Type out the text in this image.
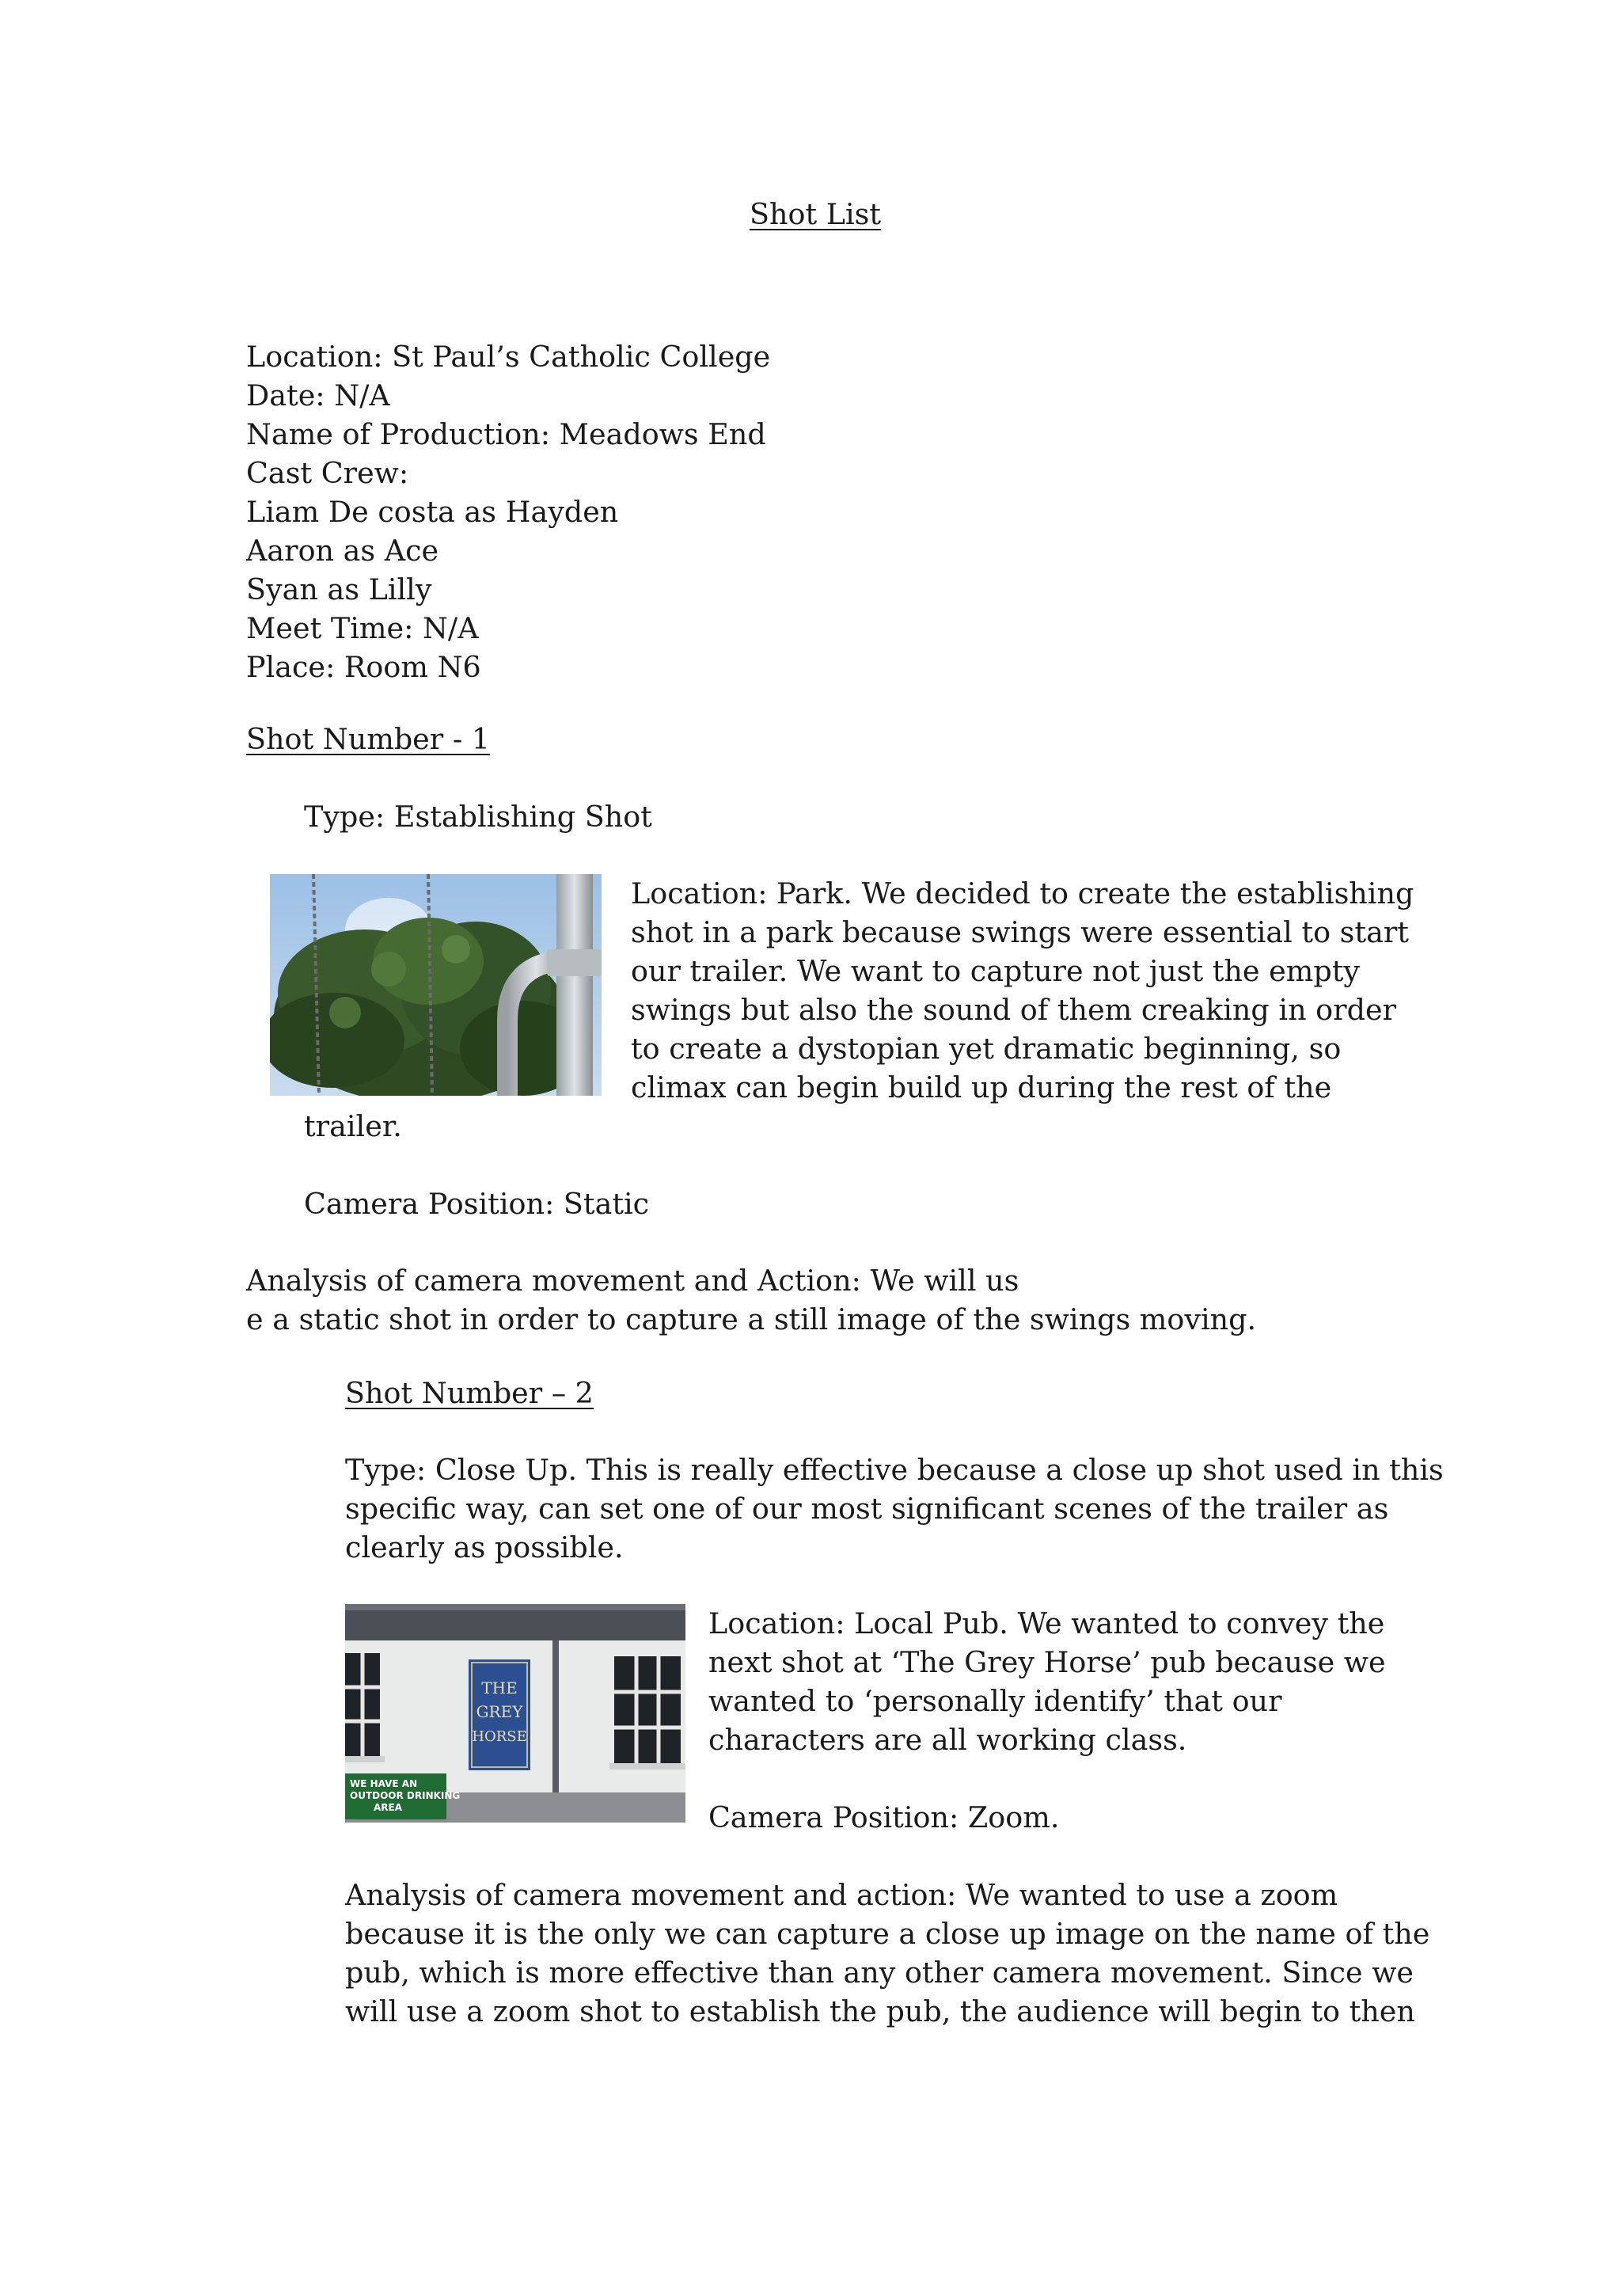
Shot List
Location: St Paul’s Catholic College
Date: N/A
Name of Production: Meadows End
Cast Crew:
Liam De costa as Hayden
Aaron as Ace
Syan as Lilly
Meet Time: N/A
Place: Room N6
Shot Number - 1
Type: Establishing Shot
Location: Park. We decided to create the establishing
shot in a park because swings were essential to start
our trailer. We want to capture not just the empty
swings but also the sound of them creaking in order
to create a dystopian yet dramatic beginning, so
climax can begin build up during the rest of the
trailer.
Camera Position: Static
Analysis of camera movement and Action: We will us
e a static shot in order to capture a still image of the swings moving.
Shot Number – 2
Type: Close Up. This is really effective because a close up shot used in this
specific way, can set one of our most significant scenes of the trailer as
clearly as possible.
THE
GREY
HORSE
WE HAVE AN
OUTDOOR DRINKING
AREA
Location: Local Pub. We wanted to convey the
next shot at ‘The Grey Horse’ pub because we
wanted to ‘personally identify’ that our
characters are all working class.
Camera Position: Zoom.
Analysis of camera movement and action: We wanted to use a zoom
because it is the only we can capture a close up image on the name of the
pub, which is more effective than any other camera movement. Since we
will use a zoom shot to establish the pub, the audience will begin to then
